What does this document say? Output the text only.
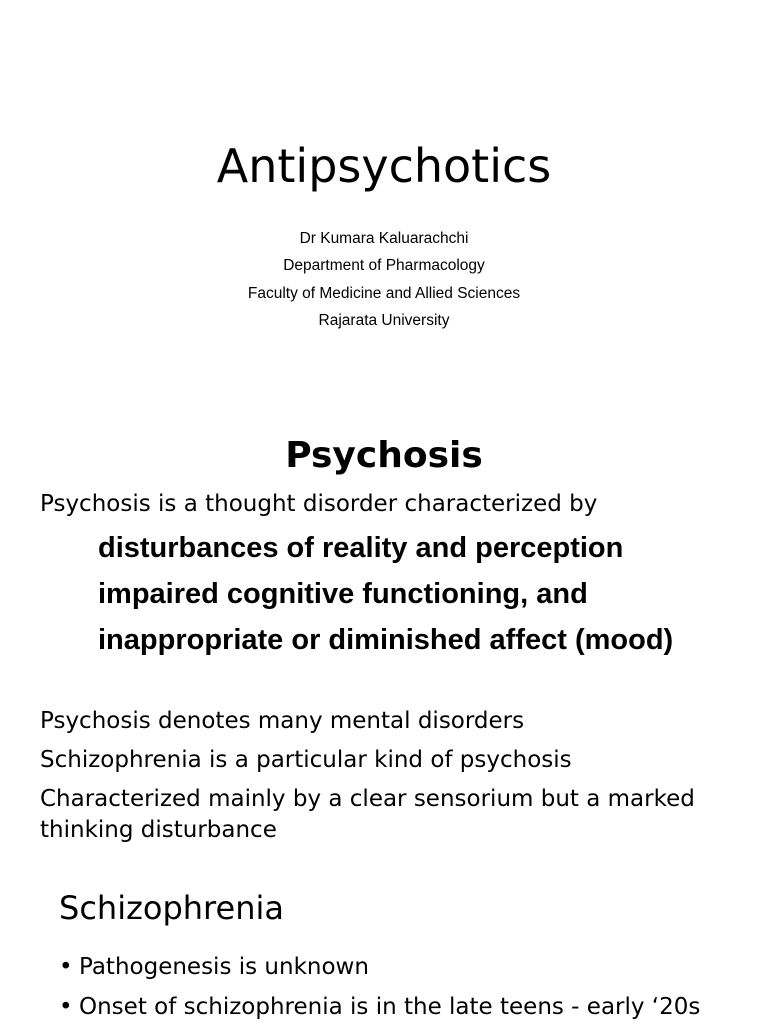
Antipsychotics
Dr Kumara Kaluarachchi
Department of Pharmacology
Faculty of Medicine and Allied Sciences
Rajarata University
Psychosis
Psychosis is a thought disorder characterized by
disturbances of reality and perception
impaired cognitive functioning, and
inappropriate or diminished affect (mood)
Psychosis denotes many mental disorders
Schizophrenia is a particular kind of psychosis
Characterized mainly by a clear sensorium but a marked thinking disturbance
Schizophrenia
• Pathogenesis is unknown
• Onset of schizophrenia is in the late teens - early ‘20s
